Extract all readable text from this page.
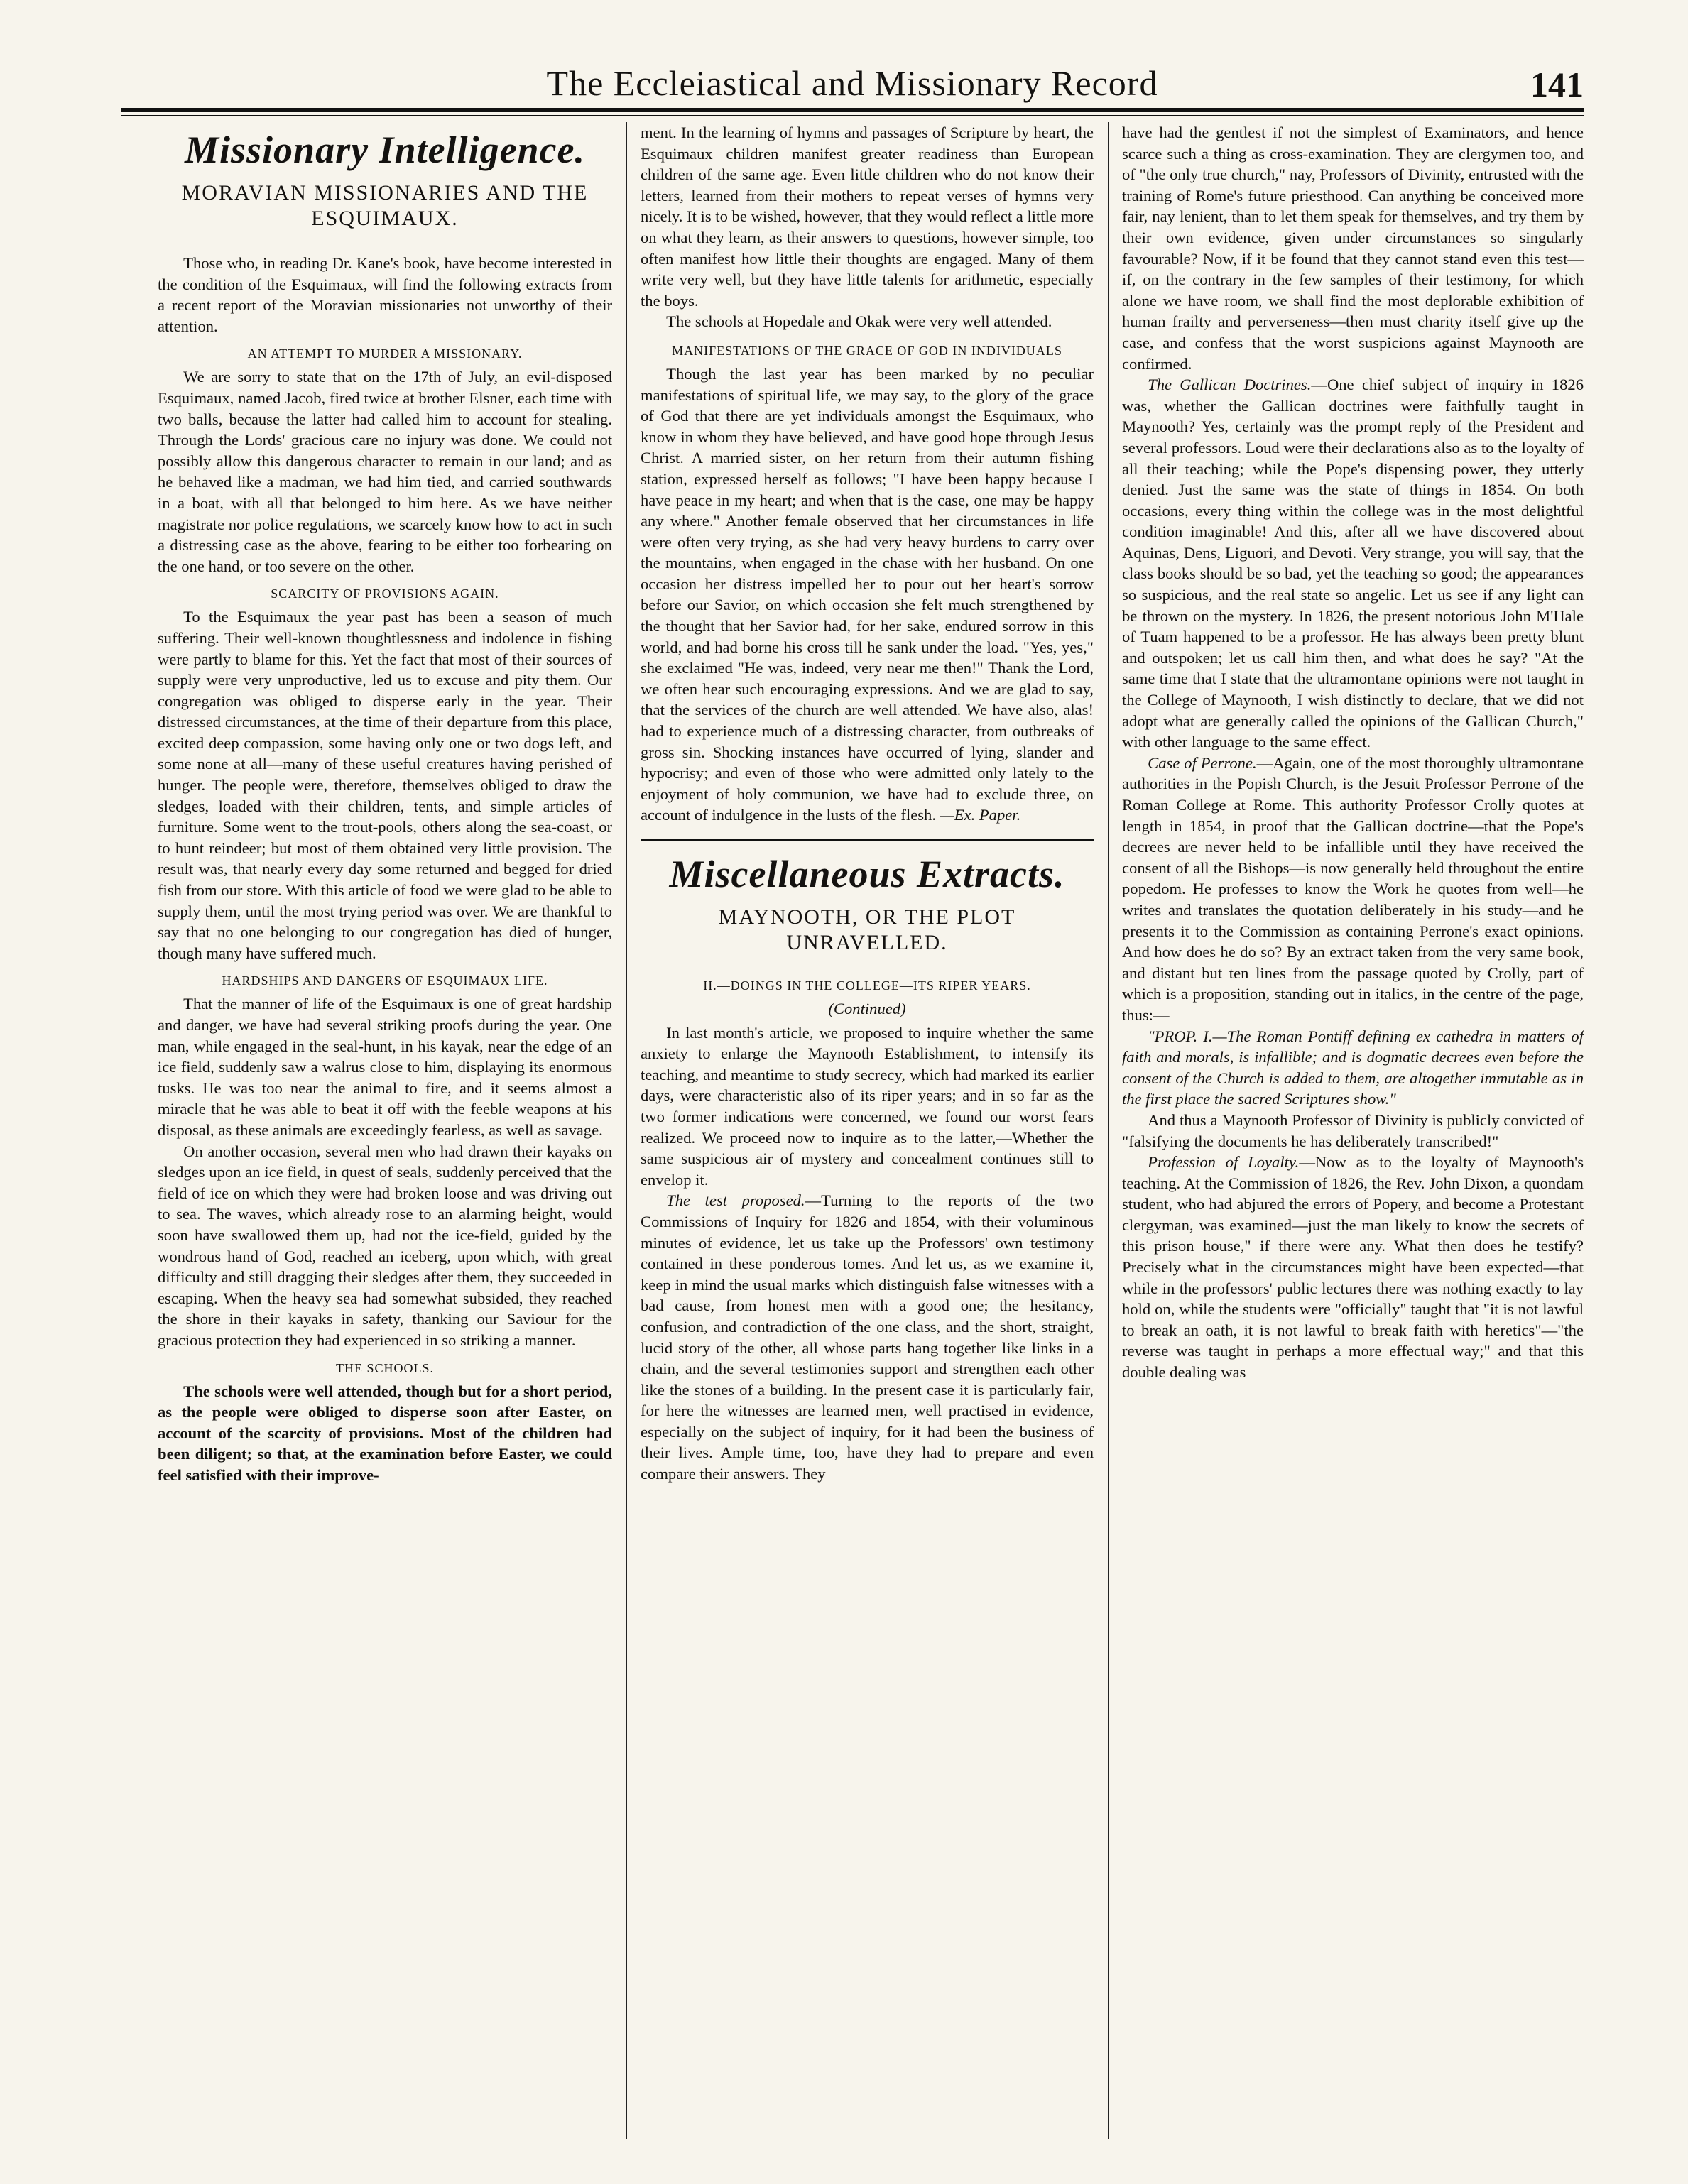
The Eccleiastical and Missionary Record	141
Missionary Intelligence.
MORAVIAN MISSIONARIES AND THE ESQUIMAUX.

Those who, in reading Dr. Kane's book, have become interested in the condition of the Esquimaux, will find the following extracts from a recent report of the Moravian missionaries not unworthy of their attention.

AN ATTEMPT TO MURDER A MISSIONARY.

We are sorry to state that on the 17th of July, an evil-disposed Esquimaux, named Jacob, fired twice at brother Elsner, each time with two balls, because the latter had called him to account for stealing. Through the Lords' gracious care no injury was done. We could not possibly allow this dangerous character to remain in our land; and as he behaved like a madman, we had him tied, and carried southwards in a boat, with all that belonged to him here. As we have neither magistrate nor police regulations, we scarcely know how to act in such a distressing case as the above, fearing to be either too forbearing on the one hand, or too severe on the other.

SCARCITY OF PROVISIONS AGAIN.

To the Esquimaux the year past has been a season of much suffering. Their well-known thoughtlessness and indolence in fishing were partly to blame for this. Yet the fact that most of their sources of supply were very unproductive, led us to excuse and pity them. Our congregation was obliged to disperse early in the year. Their distressed circumstances, at the time of their departure from this place, excited deep compassion, some having only one or two dogs left, and some none at all—many of these useful creatures having perished of hunger. The people were, therefore, themselves obliged to draw the sledges, loaded with their children, tents, and simple articles of furniture. Some went to the trout-pools, others along the sea-coast, or to hunt reindeer; but most of them obtained very little provision. The result was, that nearly every day some returned and begged for dried fish from our store. With this article of food we were glad to be able to supply them, until the most trying period was over. We are thankful to say that no one belonging to our congregation has died of hunger, though many have suffered much.

HARDSHIPS AND DANGERS OF ESQUIMAUX LIFE.

That the manner of life of the Esquimaux is one of great hardship and danger, we have had several striking proofs during the year. One man, while engaged in the seal-hunt, in his kayak, near the edge of an ice field, suddenly saw a walrus close to him, displaying its enormous tusks. He was too near the animal to fire, and it seems almost a miracle that he was able to beat it off with the feeble weapons at his disposal, as these animals are exceedingly fearless, as well as savage.

On another occasion, several men who had drawn their kayaks on sledges upon an ice field, in quest of seals, suddenly perceived that the field of ice on which they were had broken loose and was driving out to sea. The waves, which already rose to an alarming height, would soon have swallowed them up, had not the ice-field, guided by the wondrous hand of God, reached an iceberg, upon which, with great difficulty and still dragging their sledges after them, they succeeded in escaping. When the heavy sea had somewhat subsided, they reached the shore in their kayaks in safety, thanking our Saviour for the gracious protection they had experienced in so striking a manner.

THE SCHOOLS.

The schools were well attended, though but for a short period, as the people were obliged to disperse soon after Easter, on account of the scarcity of provisions. Most of the children had been diligent; so that, at the examination before Easter, we could feel satisfied with their improve-

ment. In the learning of hymns and passages of Scripture by heart, the Esquimaux children manifest greater readiness than European children of the same age. Even little children who do not know their letters, learned from their mothers to repeat verses of hymns very nicely. It is to be wished, however, that they would reflect a little more on what they learn, as their answers to questions, however simple, too often manifest how little their thoughts are engaged. Many of them write very well, but they have little talents for arithmetic, especially the boys.

The schools at Hopedale and Okak were very well attended.

MANIFESTATIONS OF THE GRACE OF GOD IN INDIVIDUALS

Though the last year has been marked by no peculiar manifestations of spiritual life, we may say, to the glory of the grace of God that there are yet individuals amongst the Esquimaux, who know in whom they have believed, and have good hope through Jesus Christ. A married sister, on her return from their autumn fishing station, expressed herself as follows; "I have been happy because I have peace in my heart; and when that is the case, one may be happy any where." Another female observed that her circumstances in life were often very trying, as she had very heavy burdens to carry over the mountains, when engaged in the chase with her husband. On one occasion her distress impelled her to pour out her heart's sorrow before our Savior, on which occasion she felt much strengthened by the thought that her Savior had, for her sake, endured sorrow in this world, and had borne his cross till he sank under the load. "Yes, yes," she exclaimed "He was, indeed, very near me then!" Thank the Lord, we often hear such encouraging expressions. And we are glad to say, that the services of the church are well attended. We have also, alas! had to experience much of a distressing character, from outbreaks of gross sin. Shocking instances have occurred of lying, slander and hypocrisy; and even of those who were admitted only lately to the enjoyment of holy communion, we have had to exclude three, on account of indulgence in the lusts of the flesh. —Ex. Paper.

Miscellaneous Extracts.
MAYNOOTH, OR THE PLOT UNRAVELLED.
II.—DOINGS IN THE COLLEGE—ITS RIPER YEARS.
(Continued)

In last month's article, we proposed to inquire whether the same anxiety to enlarge the Maynooth Establishment, to intensify its teaching, and meantime to study secrecy, which had marked its earlier days, were characteristic also of its riper years; and in so far as the two former indications were concerned, we found our worst fears realized. We proceed now to inquire as to the latter,—Whether the same suspicious air of mystery and concealment continues still to envelop it.

The test proposed.—Turning to the reports of the two Commissions of Inquiry for 1826 and 1854, with their voluminous minutes of evidence, let us take up the Professors' own testimony contained in these ponderous tomes. And let us, as we examine it, keep in mind the usual marks which distinguish false witnesses with a bad cause, from honest men with a good one; the hesitancy, confusion, and contradiction of the one class, and the short, straight, lucid story of the other, all whose parts hang together like links in a chain, and the several testimonies support and strengthen each other like the stones of a building. In the present case it is particularly fair, for here the witnesses are learned men, well practised in evidence, especially on the subject of inquiry, for it had been the business of their lives. Ample time, too, have they had to prepare and even compare their answers. They

have had the gentlest if not the simplest of Examinators, and hence scarce such a thing as cross-examination. They are clergymen too, and of "the only true church," nay, Professors of Divinity, entrusted with the training of Rome's future priesthood. Can anything be conceived more fair, nay lenient, than to let them speak for themselves, and try them by their own evidence, given under circumstances so singularly favourable? Now, if it be found that they cannot stand even this test—if, on the contrary in the few samples of their testimony, for which alone we have room, we shall find the most deplorable exhibition of human frailty and perverseness—then must charity itself give up the case, and confess that the worst suspicions against Maynooth are confirmed.

The Gallican Doctrines.—One chief subject of inquiry in 1826 was, whether the Gallican doctrines were faithfully taught in Maynooth? Yes, certainly was the prompt reply of the President and several professors. Loud were their declarations also as to the loyalty of all their teaching; while the Pope's dispensing power, they utterly denied. Just the same was the state of things in 1854. On both occasions, every thing within the college was in the most delightful condition imaginable! And this, after all we have discovered about Aquinas, Dens, Liguori, and Devoti. Very strange, you will say, that the class books should be so bad, yet the teaching so good; the appearances so suspicious, and the real state so angelic. Let us see if any light can be thrown on the mystery. In 1826, the present notorious John M'Hale of Tuam happened to be a professor. He has always been pretty blunt and outspoken; let us call him then, and what does he say? "At the same time that I state that the ultramontane opinions were not taught in the College of Maynooth, I wish distinctly to declare, that we did not adopt what are generally called the opinions of the Gallican Church," with other language to the same effect.

Case of Perrone.—Again, one of the most thoroughly ultramontane authorities in the Popish Church, is the Jesuit Professor Perrone of the Roman College at Rome. This authority Professor Crolly quotes at length in 1854, in proof that the Gallican doctrine—that the Pope's decrees are never held to be infallible until they have received the consent of all the Bishops—is now generally held throughout the entire popedom. He professes to know the Work he quotes from well—he writes and translates the quotation deliberately in his study—and he presents it to the Commission as containing Perrone's exact opinions. And how does he do so? By an extract taken from the very same book, and distant but ten lines from the passage quoted by Crolly, part of which is a proposition, standing out in italics, in the centre of the page, thus:—

"PROP. I.—The Roman Pontiff defining ex cathedra in matters of faith and morals, is infallible; and is dogmatic decrees even before the consent of the Church is added to them, are altogether immutable as in the first place the sacred Scriptures show."

And thus a Maynooth Professor of Divinity is publicly convicted of "falsifying the documents he has deliberately transcribed!"

Profession of Loyalty.—Now as to the loyalty of Maynooth's teaching. At the Commission of 1826, the Rev. John Dixon, a quondam student, who had abjured the errors of Popery, and become a Protestant clergyman, was examined—just the man likely to know the secrets of this prison house," if there were any. What then does he testify? Precisely what in the circumstances might have been expected—that while in the professors' public lectures there was nothing exactly to lay hold on, while the students were "officially" taught that "it is not lawful to break an oath, it is not lawful to break faith with heretics"—"the reverse was taught in perhaps a more effectual way;" and that this double dealing was
